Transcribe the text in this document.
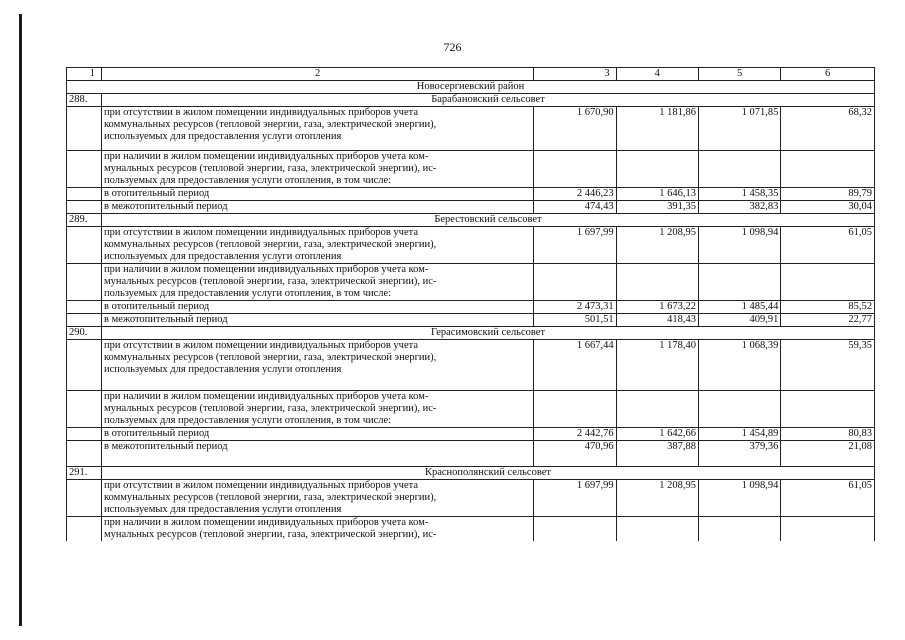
726
1	2	3	4	5	6
Новосергиевский район					
288.	Барабановский сельсовет				
	при отсутствии в жилом помещении индивидуальных приборов учета
коммунальных ресурсов (тепловой энергии, газа, электрической энергии),
используемых для предоставления услуги отопления	1 670,90	1 181,86	1 071,85	68,32
	при наличии в жилом помещении индивидуальных приборов учета ком-
мунальных ресурсов (тепловой энергии, газа, электрической энергии), ис-
пользуемых для предоставления услуги отопления, в том числе:				
	в отопительный период	2 446,23	1 646,13	1 458,35	89,79
	в межотопительный период	474,43	391,35	382,83	30,04
289.	Берестовский сельсовет				
	при отсутствии в жилом помещении индивидуальных приборов учета
коммунальных ресурсов (тепловой энергии, газа, электрической энергии),
используемых для предоставления услуги отопления	1 697,99	1 208,95	1 098,94	61,05
	при наличии в жилом помещении индивидуальных приборов учета ком-
мунальных ресурсов (тепловой энергии, газа, электрической энергии), ис-
пользуемых для предоставления услуги отопления, в том числе:				
	в отопительный период	2 473,31	1 673,22	1 485,44	85,52
	в межотопительный период	501,51	418,43	409,91	22,77
290.	Герасимовский сельсовет				
	при отсутствии в жилом помещении индивидуальных приборов учета
коммунальных ресурсов (тепловой энергии, газа, электрической энергии),
используемых для предоставления услуги отопления	1 667,44	1 178,40	1 068,39	59,35
	при наличии в жилом помещении индивидуальных приборов учета ком-
мунальных ресурсов (тепловой энергии, газа, электрической энергии), ис-
пользуемых для предоставления услуги отопления, в том числе:				
	в отопительный период	2 442,76	1 642,66	1 454,89	80,83
	в межотопительный период	470,96	387,88	379,36	21,08
291.	Краснополянский сельсовет				
	при отсутствии в жилом помещении индивидуальных приборов учета
коммунальных ресурсов (тепловой энергии, газа, электрической энергии),
используемых для предоставления услуги отопления	1 697,99	1 208,95	1 098,94	61,05
	при наличии в жилом помещении индивидуальных приборов учета ком-
мунальных ресурсов (тепловой энергии, газа, электрической энергии), ис-				
